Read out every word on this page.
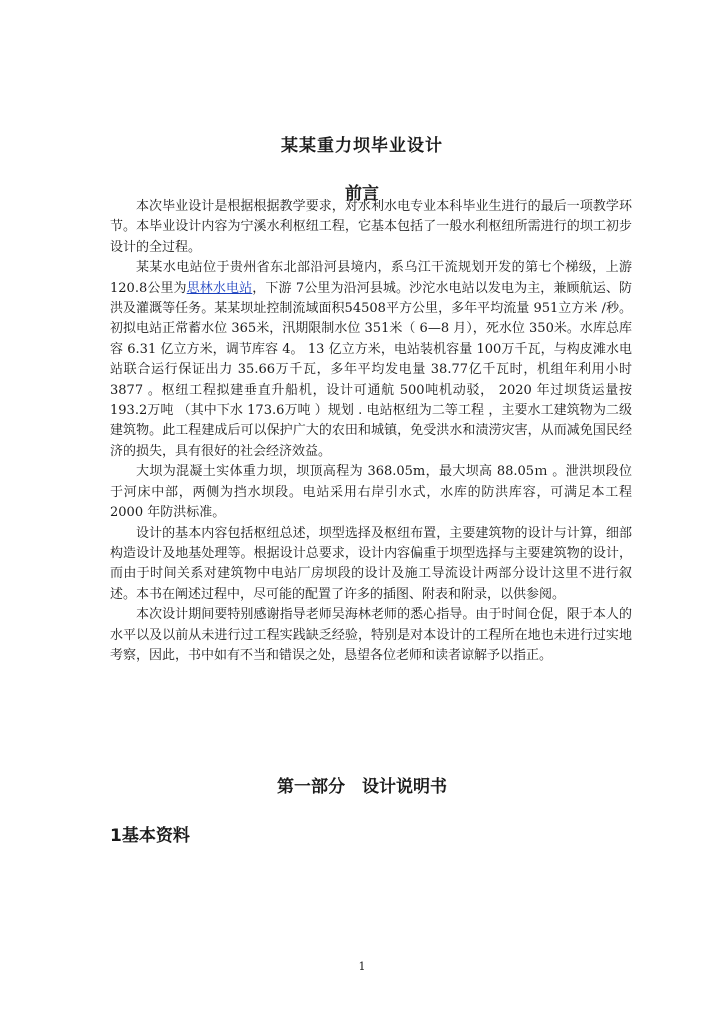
某某重力坝毕业设计
前言

本次毕业设计是根据根据教学要求，对水利水电专业本科毕业生进行的最后一项教学环节。本毕业设计内容为宁溪水利枢纽工程，它基本包括了一般水利枢纽所需进行的坝工初步设计的全过程。

某某水电站位于贵州省东北部沿河县境内，系乌江干流规划开发的第七个梯级，上游 120.8公里为思林水电站，下游 7公里为沿河县城。沙沱水电站以发电为主，兼顾航运、防洪及灌溉等任务。某某坝址控制流域面积54508平方公里，多年平均流量 951立方米 /秒。初拟电站正常蓄水位 365米，汛期限制水位 351米（ 6—8 月），死水位 350米。水库总库容 6.31 亿立方米，调节库容 4。 13 亿立方米，电站装机容量 100万千瓦，与构皮滩水电站联合运行保证出力 35.66万千瓦，多年平均发电量 38.77亿千瓦时，机组年利用小时 3877 。枢纽工程拟建垂直升船机，设计可通航 500吨机动驳， 2020 年过坝货运量按193.2万吨 （其中下水 173.6万吨 ）规划 . 电站枢纽为二等工程 ，主要水工建筑物为二级建筑物。此工程建成后可以保护广大的农田和城镇，免受洪水和渍涝灾害，从而减免国民经济的损失，具有很好的社会经济效益。

大坝为混凝土实体重力坝，坝顶高程为 368.05m，最大坝高 88.05ｍ 。泄洪坝段位于河床中部，两侧为挡水坝段。电站采用右岸引水式，水库的防洪库容，可满足本工程 2000 年防洪标准。

设计的基本内容包括枢纽总述，坝型选择及枢纽布置，主要建筑物的设计与计算，细部构造设计及地基处理等。根据设计总要求，设计内容偏重于坝型选择与主要建筑物的设计，而由于时间关系对建筑物中电站厂房坝段的设计及施工导流设计两部分设计这里不进行叙述。本书在阐述过程中，尽可能的配置了许多的插图、附表和附录，以供参阅。

本次设计期间要特别感谢指导老师吴海林老师的悉心指导。由于时间仓促，限于本人的水平以及以前从未进行过工程实践缺乏经验，特别是对本设计的工程所在地也未进行过实地考察，因此，书中如有不当和错误之处，恳望各位老师和读者谅解予以指正。

第一部分　设计说明书
1基本资料
1
